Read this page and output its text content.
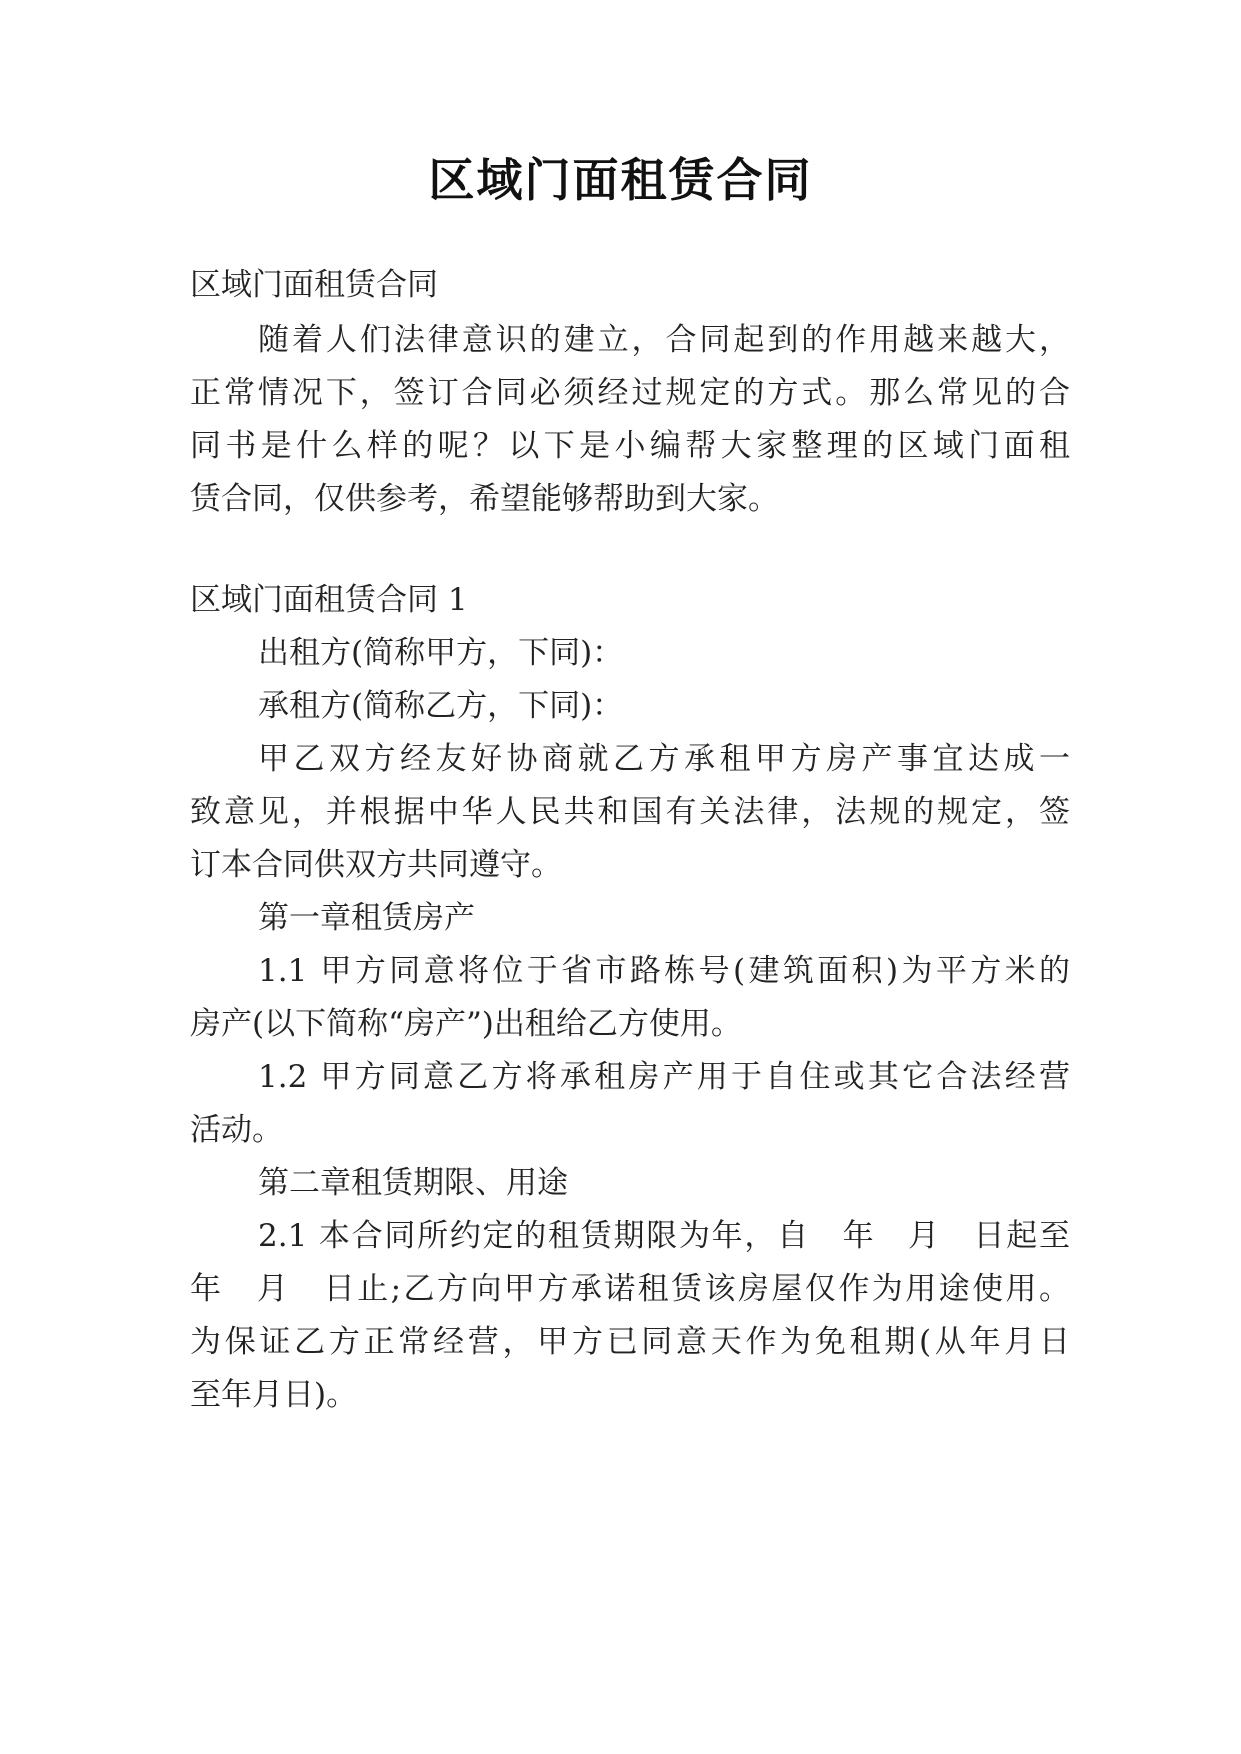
区域门面租赁合同
区域门面租赁合同
随着人们法律意识的建立，合同起到的作用越来越大，
正常情况下，签订合同必须经过规定的方式。那么常见的合
同书是什么样的呢？以下是小编帮大家整理的区域门面租
赁合同，仅供参考，希望能够帮助到大家。
区域门面租赁合同 1
出租方(简称甲方，下同)：
承租方(简称乙方，下同)：
甲乙双方经友好协商就乙方承租甲方房产事宜达成一
致意见，并根据中华人民共和国有关法律，法规的规定，签
订本合同供双方共同遵守。
第一章租赁房产
1.1 甲方同意将位于省市路栋号(建筑面积)为平方米的
房产(以下简称“房产”)出租给乙方使用。
1.2 甲方同意乙方将承租房产用于自住或其它合法经营
活动。
第二章租赁期限、用途
2.1 本合同所约定的租赁期限为年，自　年　月　日起至
年　月　日止;乙方向甲方承诺租赁该房屋仅作为用途使用。
为保证乙方正常经营，甲方已同意天作为免租期(从年月日
至年月日)。
